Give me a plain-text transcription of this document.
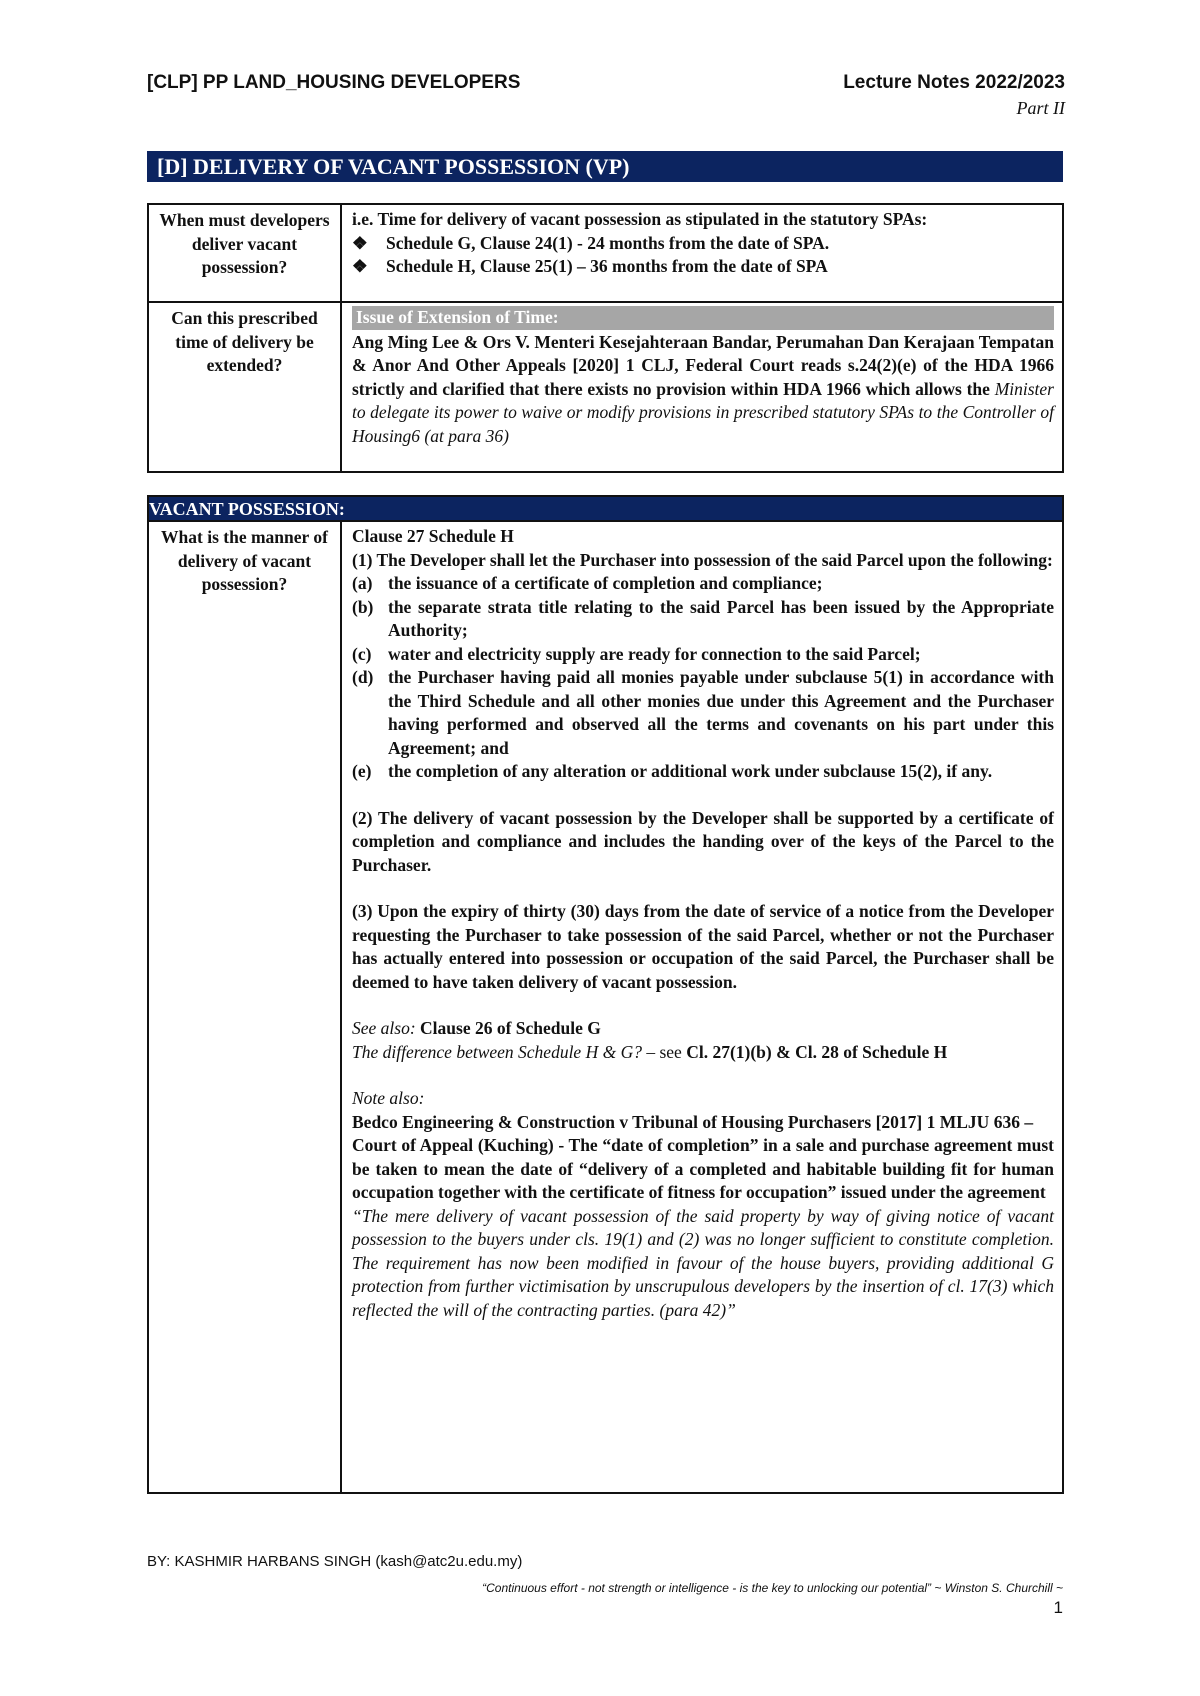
[CLP] PP LAND_HOUSING DEVELOPERS	Lecture Notes 2022/2023
Part II
[D] DELIVERY OF VACANT POSSESSION (VP)
When must developers deliver vacant possession?	i.e. Time for delivery of vacant possession as stipulated in the statutory SPAs:
❖ Schedule G, Clause 24(1) - 24 months from the date of SPA.
❖ Schedule H, Clause 25(1) – 36 months from the date of SPA

Can this prescribed time of delivery be extended?	Issue of Extension of Time:
Ang Ming Lee & Ors V. Menteri Kesejahteraan Bandar, Perumahan Dan Kerajaan Tempatan & Anor And Other Appeals [2020] 1 CLJ, Federal Court reads s.24(2)(e) of the HDA 1966 strictly and clarified that there exists no provision within HDA 1966 which allows the Minister to delegate its power to waive or modify provisions in prescribed statutory SPAs to the Controller of Housing6 (at para 36)
VACANT POSSESSION:
What is the manner of delivery of vacant possession?	
Clause 27 Schedule H
(1) The Developer shall let the Purchaser into possession of the said Parcel upon the following:
(a) the issuance of a certificate of completion and compliance;
(b) the separate strata title relating to the said Parcel has been issued by the Appropriate Authority;
(c) water and electricity supply are ready for connection to the said Parcel;
(d) the Purchaser having paid all monies payable under subclause 5(1) in accordance with the Third Schedule and all other monies due under this Agreement and the Purchaser having performed and observed all the terms and covenants on his part under this Agreement; and
(e) the completion of any alteration or additional work under subclause 15(2), if any.
(2) The delivery of vacant possession by the Developer shall be supported by a certificate of completion and compliance and includes the handing over of the keys of the Parcel to the Purchaser.
(3) Upon the expiry of thirty (30) days from the date of service of a notice from the Developer requesting the Purchaser to take possession of the said Parcel, whether or not the Purchaser has actually entered into possession or occupation of the said Parcel, the Purchaser shall be deemed to have taken delivery of vacant possession.
See also: Clause 26 of Schedule G
The difference between Schedule H & G? – see Cl. 27(1)(b) & Cl. 28 of Schedule H
Note also:
Bedco Engineering & Construction v Tribunal of Housing Purchasers [2017] 1 MLJU 636 –
Court of Appeal (Kuching) - The “date of completion” in a sale and purchase agreement must be taken to mean the date of “delivery of a completed and habitable building fit for human occupation together with the certificate of fitness for occupation” issued under the agreement
“The mere delivery of vacant possession of the said property by way of giving notice of vacant possession to the buyers under cls. 19(1) and (2) was no longer sufficient to constitute completion. The requirement has now been modified in favour of the house buyers, providing additional G protection from further victimisation by unscrupulous developers by the insertion of cl. 17(3) which reflected the will of the contracting parties. (para 42)”
BY: KASHMIR HARBANS SINGH (kash@atc2u.edu.my)
“Continuous effort - not strength or intelligence - is the key to unlocking our potential” ~ Winston S. Churchill ~
1
